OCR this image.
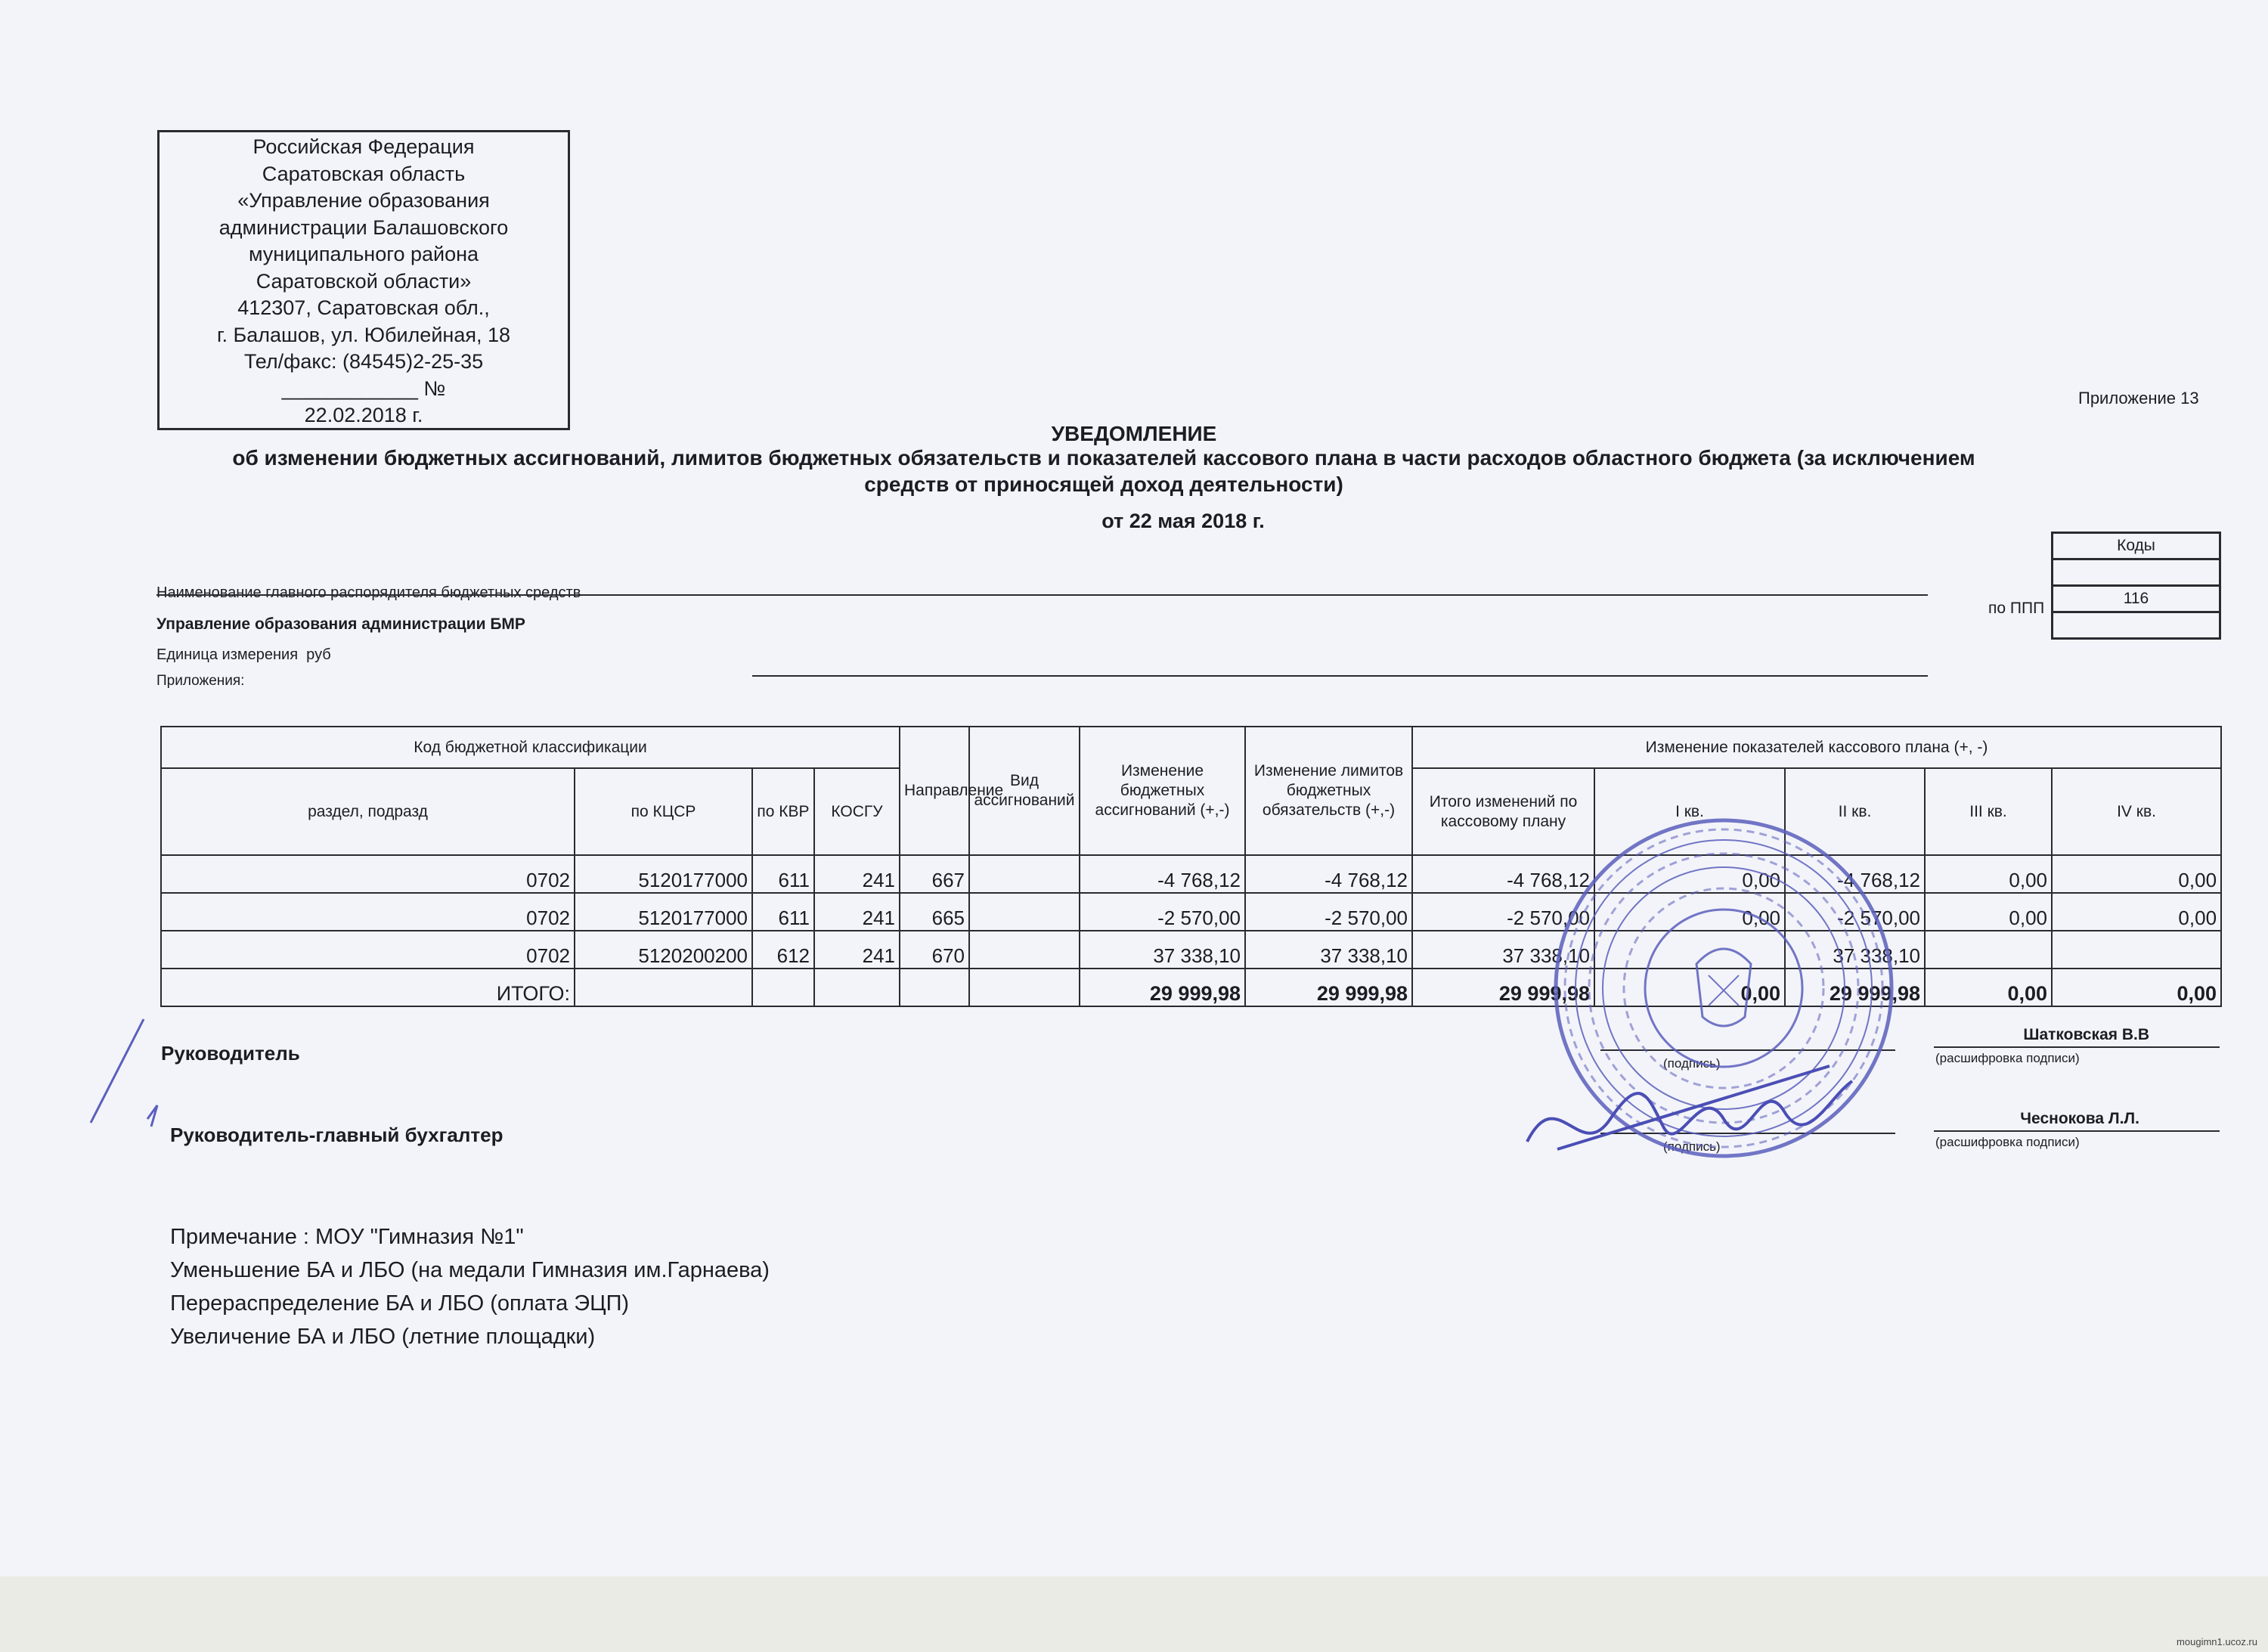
Российская Федерация
Саратовская область
«Управление образования
администрации Балашовского
муниципального района
Саратовской области»
412307, Саратовская обл.,
г. Балашов, ул. Юбилейная, 18
Тел/факс: (84545)2-25-35
____________ №
22.02.2018 г.
Приложение 13
УВЕДОМЛЕНИЕ
об изменении бюджетных ассигнований, лимитов бюджетных обязательств и показателей кассового плана в части расходов областного бюджета (за исключением
средств от приносящей доход деятельности)
от 22 мая 2018 г.
Коды

116

по ППП
Наименование главного распорядителя бюджетных средств
Управление образования администрации БМР
Единица измерения руб
Приложения:
Код бюджетной классификации				Направление	Вид ассигнований	Изменение бюджетных ассигнований (+,-)	Изменение лимитов бюджетных обязательств (+,-)	Изменение показателей кассового плана (+, -)				
раздел, подразд	по КЦСР	по КВР	КОСГУ					Итого изменений по кассовому плану	I кв.	II кв.	III кв.	IV кв.
0702	5120177000	611	241	667		-4 768,12	-4 768,12	-4 768,12	0,00	-4 768,12	0,00	0,00
0702	5120177000	611	241	665		-2 570,00	-2 570,00	-2 570,00	0,00	-2 570,00	0,00	0,00
0702	5120200200	612	241	670		37 338,10	37 338,10	37 338,10		37 338,10		
ИТОГО:						29 999,98	29 999,98	29 999,98	0,00	29 999,98	0,00	0,00
Руководитель	(подпись)
Шатковская В.В
(расшифровка подписи)
Руководитель-главный бухгалтер
(подпись)
Чеснокова Л.Л.
(расшифровка подписи)
Примечание : МОУ "Гимназия №1"
Уменьшение БА и ЛБО (на медали Гимназия им.Гарнаева)
Перераспределение БА и ЛБО (оплата ЭЦП)
Увеличение БА и ЛБО (летние площадки)
mougimn1.ucoz.ru
